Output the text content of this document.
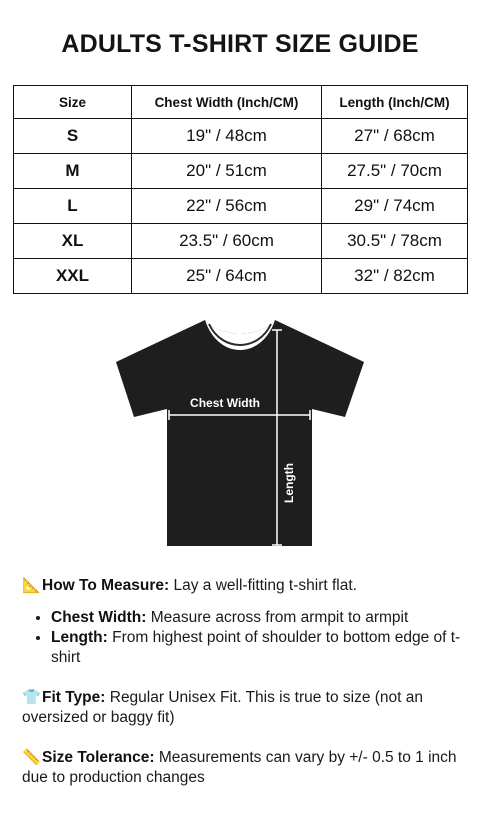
ADULTS T-SHIRT SIZE GUIDE
Size	Chest Width (Inch/CM)	Length (Inch/CM)
S	19" / 48cm	27" / 68cm
M	20" / 51cm	27.5" / 70cm
L	22" / 56cm	29" / 74cm
XL	23.5" / 60cm	30.5" / 78cm
XXL	25" / 64cm	32" / 82cm
Chest Width
Length

📐How To Measure: Lay a well-fitting t-shirt flat.

• Chest Width: Measure across from armpit to armpit
• Length: From highest point of shoulder to bottom edge of t-shirt

👕Fit Type: Regular Unisex Fit. This is true to size (not an oversized or baggy fit)

📏Size Tolerance: Measurements can vary by +/- 0.5 to 1 inch due to production changes
